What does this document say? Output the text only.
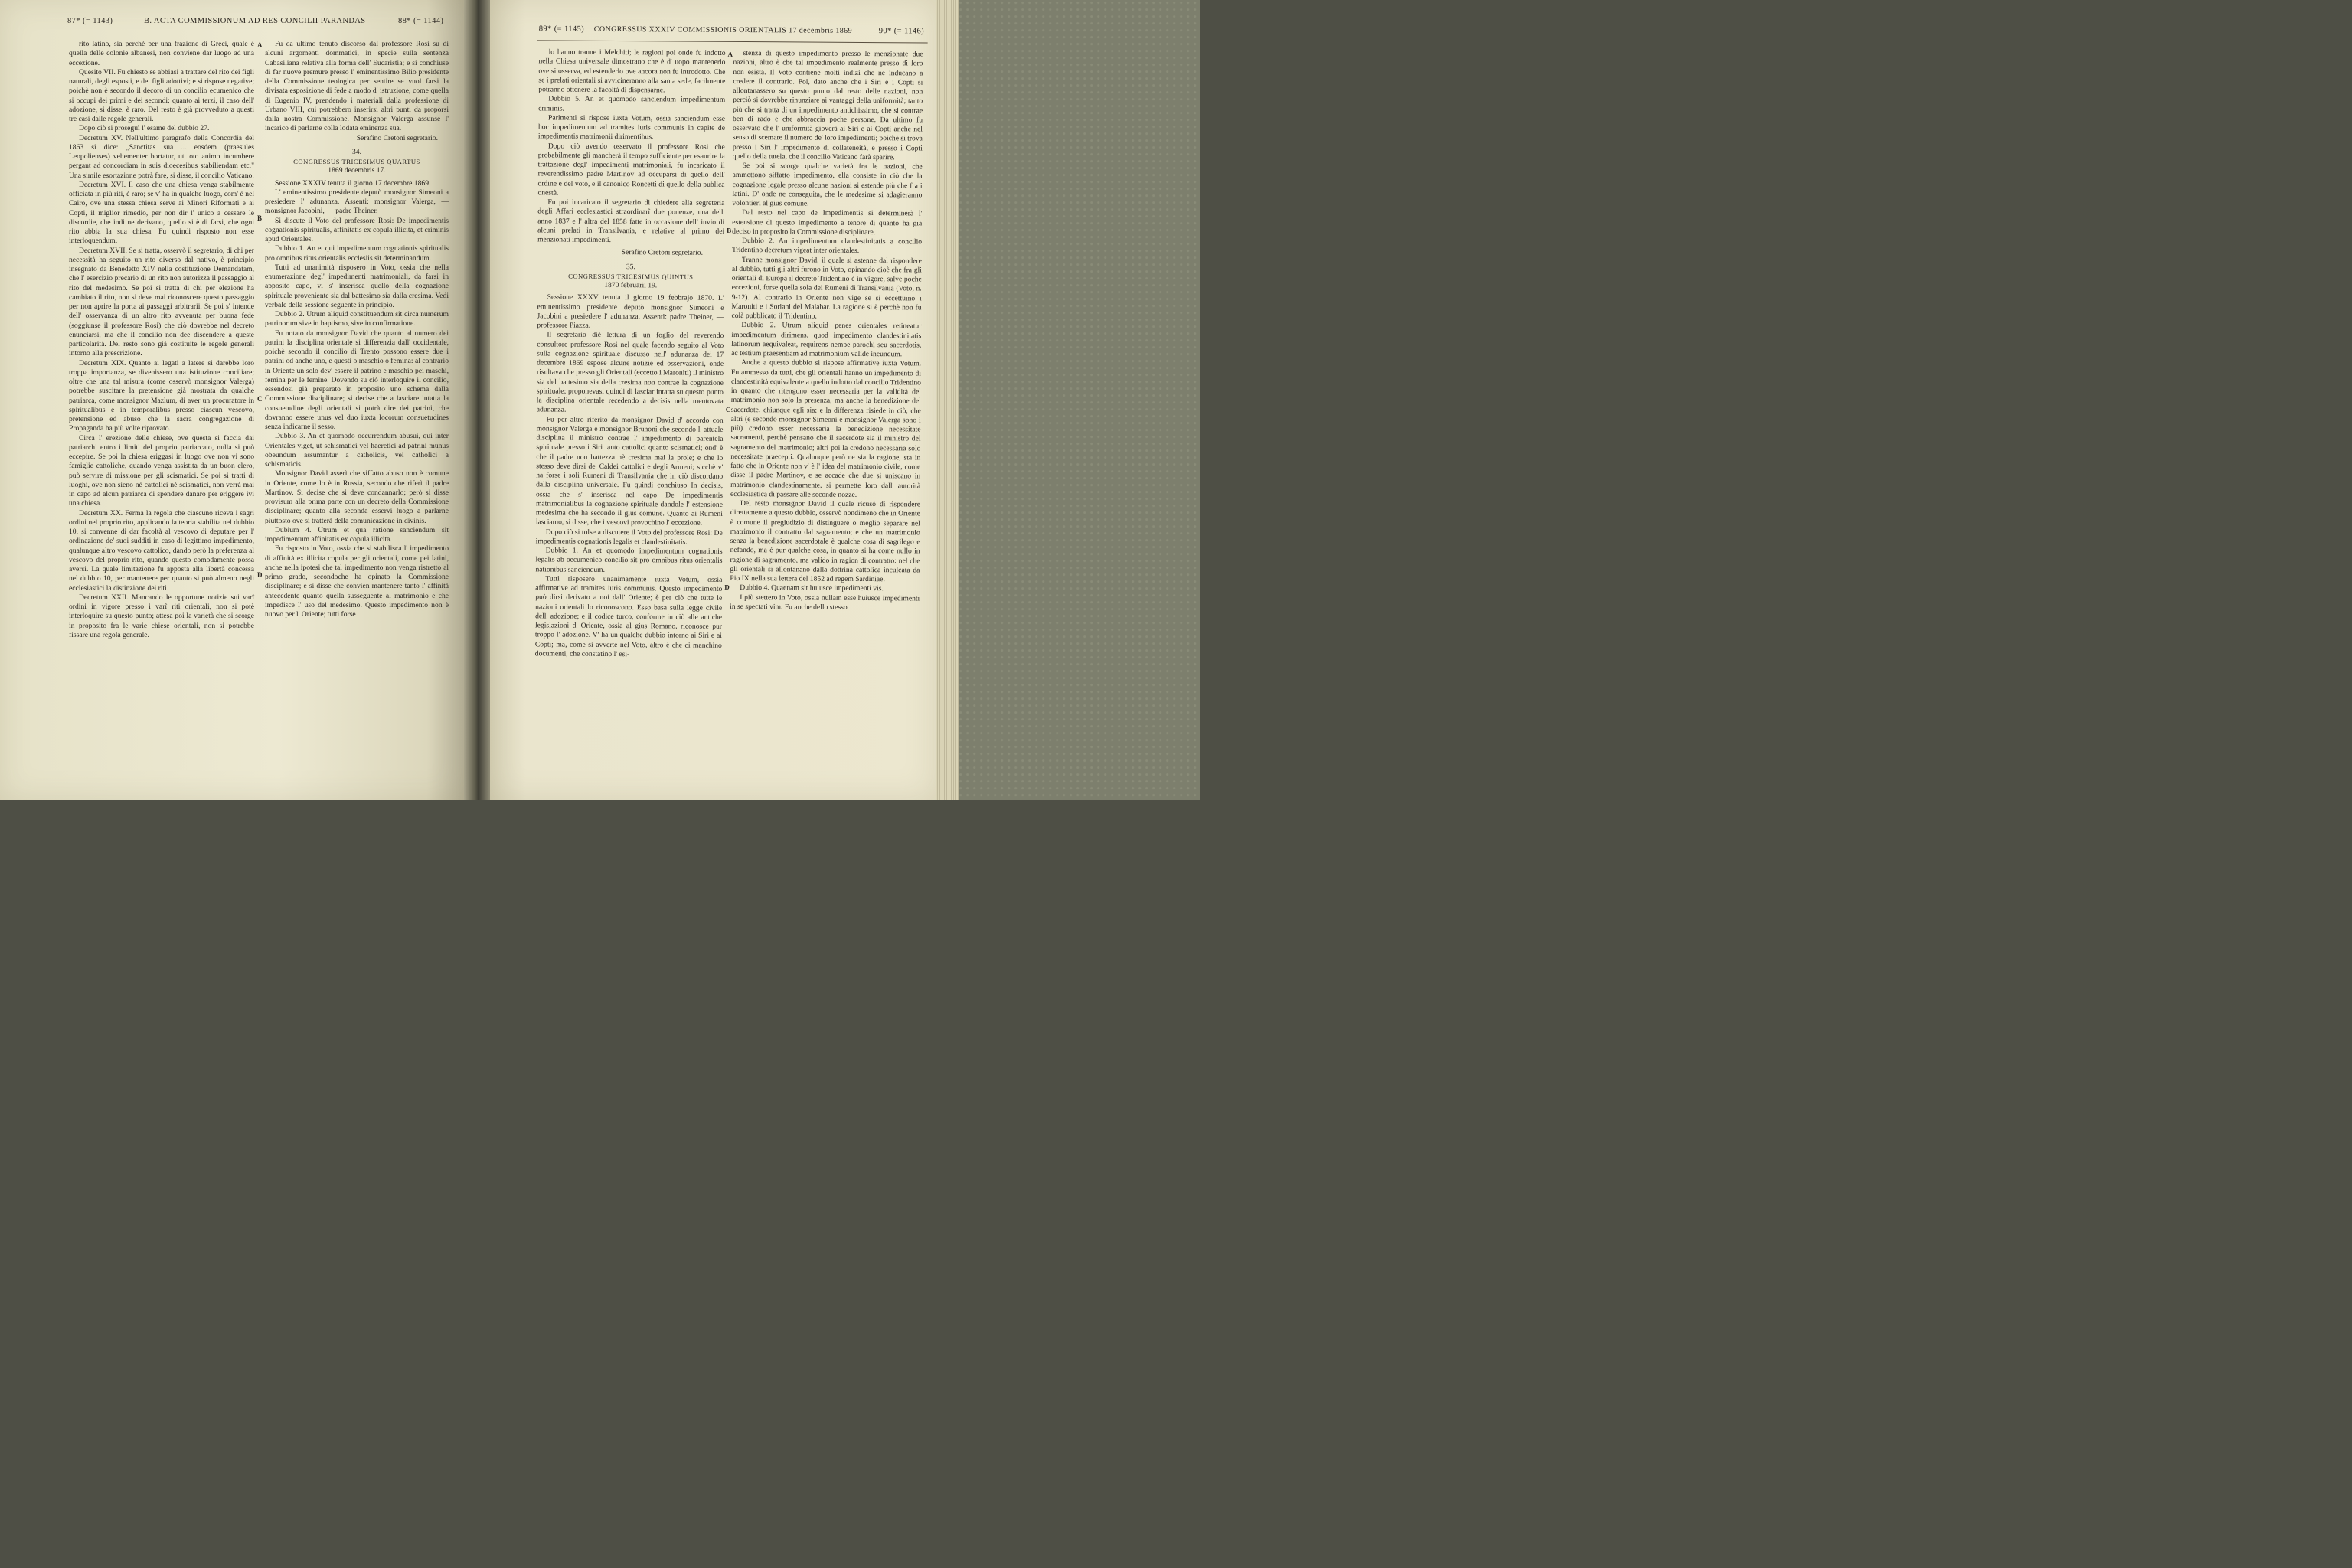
87* (= 1143)	B. ACTA COMMISSIONUM AD RES CONCILII PARANDAS	88* (= 1144)

rito latino, sia perchè per una frazione di Greci, quale è quella delle colonie albanesi, non conviene dar luogo ad una eccezione.

Quesito VII. Fu chiesto se abbiasi a trattare del rito dei figli naturali, degli esposti, e dei figli adottivi; e si rispose negative; poichè non è secondo il decoro di un concilio ecumenico che si occupi dei primi e dei secondi; quanto ai terzi, il caso dell' adozione, si disse, è raro. Del resto è già provveduto a questi tre casi dalle regole generali.

Dopo ciò si proseguì l' esame del dubbio 27.

Decretum XV. Nell'ultimo paragrafo della Concordia del 1863 si dice: „Sanctitas sua ... eosdem (praesules Leopolienses) vehementer hortatur, ut toto animo incumbere pergant ad concordiam in suis dioecesibus stabiliendam etc." Una simile esortazione potrà fare, si disse, il concilio Vaticano.

Decretum XVI. Il caso che una chiesa venga stabilmente officiata in più riti, è raro; se v' ha in qualche luogo, com' è nel Cairo, ove una stessa chiesa serve ai Minori Riformati e ai Copti, il miglior rimedio, per non dir l' unico a cessare le discordie, che indi ne derivano, quello si è di farsi, che ogni rito abbia la sua chiesa. Fu quindi risposto non esse interloquendum.

Decretum XVII. Se si tratta, osservò il segretario, di chi per necessità ha seguito un rito diverso dal nativo, è principio insegnato da Benedetto XIV nella costituzione Demandatam, che l' esercizio precario di un rito non autorizza il passaggio al rito del medesimo. Se poi si tratta di chi per elezione ha cambiato il rito, non si deve mai riconoscere questo passaggio per non aprire la porta ai passaggi arbitrarii. Se poi s' intende dell' osservanza di un altro rito avvenuta per buona fede (soggiunse il professore Rosi) che ciò dovrebbe nel decreto enunciarsi, ma che il concilio non dee discendere a queste particolarità. Del resto sono già costituite le regole generali intorno alla prescrizione.

Decretum XIX. Quanto ai legati a latere si darebbe loro troppa importanza, se divenissero una istituzione conciliare; oltre che una tal misura (come osservò monsignor Valerga) potrebbe suscitare la pretensione già mostrata da qualche patriarca, come monsignor Mazlum, di aver un procuratore in spiritualibus e in temporalibus presso ciascun vescovo, pretensione ed abuso che la sacra congregazione di Propaganda ha più volte riprovato.

Circa l' erezione delle chiese, ove questa si faccia dai patriarchi entro i limiti del proprio patriarcato, nulla si può eccepire. Se poi la chiesa eriggasi in luogo ove non vi sono famiglie cattoliche, quando venga assistita da un buon clero, può servire di missione per gli scismatici. Se poi si tratti di luoghi, ove non sieno nè cattolici nè scismatici, non verrà mai in capo ad alcun patriarca di spendere danaro per eriggere ivi una chiesa.

Decretum XX. Ferma la regola che ciascuno riceva i sagri ordini nel proprio rito, applicando la teoria stabilita nel dubbio 10, si convenne di dar facoltà al vescovo di deputare per l' ordinazione de' suoi sudditi in caso di legittimo impedimento, qualunque altro vescovo cattolico, dando però la preferenza al vescovo del proprio rito, quando questo comodamente possa aversi. La quale limitazione fu apposta alla libertà concessa nel dubbio 10, per mantenere per quanto si può almeno negli ecclesiastici la distinzione dei riti.

Decretum XXII. Mancando le opportune notizie sui varî ordini in vigore presso i varî riti orientali, non si potè interloquire su questo punto; attesa poi la varietà che si scorge in proposito fra le varie chiese orientali, non si potrebbe fissare una regola generale.

Fu da ultimo tenuto discorso dal professore Rosi su di alcuni argomenti dommatici, in specie sulla sentenza Cabasiliana relativa alla forma dell' Eucaristia; e si conchiuse di far nuove premure presso l' eminentissimo Bilio presidente della Commissione teologica per sentire se vuol farsi la divisata esposizione di fede a modo d' istruzione, come quella di Eugenio IV, prendendo i materiali dalla professione di Urbano VIII, cui potrebbero inserirsi altri punti da proporsi dalla nostra Commissione. Monsignor Valerga assunse l' incarico di parlarne colla lodata eminenza sua.

Serafino Cretoni segretario.

34.

CONGRESSUS TRICESIMUS QUARTUS

1869 decembris 17.

Sessione XXXIV tenuta il giorno 17 decembre 1869.

L' eminentissimo presidente deputò monsignor Simeoni a presiedere l' adunanza. Assenti: monsignor Valerga, — monsignor Jacobini, — padre Theiner.

Si discute il Voto del professore Rosi: De impedimentis cognationis spiritualis, affinitatis ex copula illicita, et criminis apud Orientales.

Dubbio 1. An et qui impedimentum cognationis spiritualis pro omnibus ritus orientalis ecclesiis sit determinandum.

Tutti ad unanimità risposero in Voto, ossia che nella enumerazione degl' impedimenti matrimoniali, da farsi in apposito capo, vi s' inserisca quello della cognazione spirituale proveniente sia dal battesimo sia dalla cresima. Vedi verbale della sessione seguente in principio.

Dubbio 2. Utrum aliquid constituendum sit circa numerum patrinorum sive in baptismo, sive in confirmatione.

Fu notato da monsignor David che quanto al numero dei patrini la disciplina orientale si differenzia dall' occidentale, poichè secondo il concilio di Trento possono essere due i patrini od anche uno, e questi o maschio o femina: al contrario in Oriente un solo dev' essere il patrino e maschio pei maschi, femina per le femine. Dovendo su ciò interloquire il concilio, essendosi già preparato in proposito uno schema dalla Commissione disciplinare; si decise che a lasciare intatta la consuetudine degli orientali si potrà dire dei patrini, che dovranno essere unus vel duo iuxta locorum consuetudines senza indicarne il sesso.

Dubbio 3. An et quomodo occurrendum abusui, qui inter Orientales viget, ut schismatici vel haeretici ad patrini munus obeundum assumantur a catholicis, vel catholici a schismaticis.

Monsignor David asserì che siffatto abuso non è comune in Oriente, come lo è in Russia, secondo che riferì il padre Martinov. Si decise che si deve condannarlo; però si disse provisum alla prima parte con un decreto della Commissione disciplinare; quanto alla seconda esservi luogo a parlarne piuttosto ove si tratterà della comunicazione in divinis.

Dubium 4. Utrum et qua ratione sanciendum sit impedimentum affinitatis ex copula illicita.

Fu risposto in Voto, ossia che si stabilisca l' impedimento di affinità ex illicita copula per gli orientali, come pei latini, anche nella ipotesi che tal impedimento non venga ristretto al primo grado, secondoche ha opinato la Commissione disciplinare; e si disse che convien mantenere tanto l' affinità antecedente quanto quella susseguente al matrimonio e che impedisce l' uso del medesimo. Questo impedimento non è nuovo per l' Oriente; tutti forse

A
B
C
D
89* (= 1145) CONGRESSUS XXXIV COMMISSIONIS ORIENTALIS 17 decembris 1869	90* (= 1146)

lo hanno tranne i Melchiti; le ragioni poi onde fu indotto nella Chiesa universale dimostrano che è d' uopo mantenerlo ove si osserva, ed estenderlo ove ancora non fu introdotto. Che se i prelati orientali si avvicineranno alla santa sede, facilmente potranno ottenere la facoltà di dispensarne.

Dubbio 5. An et quomodo sanciendum impedimentum criminis.

Parimenti si rispose iuxta Votum, ossia sanciendum esse hoc impedimentum ad tramites iuris communis in capite de impedimentis matrimonii dirimentibus.

Dopo ciò avendo osservato il professore Rosi che probabilmente gli mancherà il tempo sufficiente per esaurire la trattazione degl' impedimenti matrimoniali, fu incaricato il reverendissimo padre Martinov ad occuparsi di quello dell' ordine e del voto, e il canonico Roncetti di quello della publica onestà.

Fu poi incaricato il segretario di chiedere alla segreteria degli Affari ecclesiastici straordinarî due ponenze, una dell' anno 1837 e l' altra del 1858 fatte in occasione dell' invio di alcuni prelati in Transilvania, e relative al primo dei menzionati impedimenti.

Serafino Cretoni segretario.

35.

CONGRESSUS TRICESIMUS QUINTUS

1870 februarii 19.

Sessione XXXV tenuta il giorno 19 febbrajo 1870. L' eminentissimo presidente deputò monsignor Simeoni e Jacobini a presiedere l' adunanza. Assenti: padre Theiner, — professore Piazza.

Il segretario diè lettura di un foglio del reverendo consultore professore Rosi nel quale facendo seguito al Voto sulla cognazione spirituale discusso nell' adunanza dei 17 decembre 1869 espose alcune notizie ed osservazioni, onde risultava che presso gli Orientali (eccetto i Maroniti) il ministro sia del battesimo sia della cresima non contrae la cognazione spirituale; proponevasi quindi di lasciar intatta su questo punto la disciplina orientale recedendo a decisis nella mentovata adunanza.

Fu per altro riferito da monsignor David d' accordo con monsignor Valerga e monsignor Brunoni che secondo l' attuale disciplina il ministro contrae l' impedimento di parentela spirituale presso i Siri tanto cattolici quanto scismatici; ond' è che il padre non battezza nè cresima mai la prole; e che lo stesso deve dirsi de' Caldei cattolici e degli Armeni; sicchè v' ha forse i soli Rumeni di Transilvania che in ciò discordano dalla disciplina universale. Fu quindi conchiuso In decisis, ossia che s' inserisca nel capo De impedimentis matrimonialibus la cognazione spirituale dandole l' estensione medesima che ha secondo il gius comune. Quanto ai Rumeni lasciamo, si disse, che i vescovi provochino l' eccezione.

Dopo ciò si tolse a discutere il Voto del professore Rosi: De impedimentis cognationis legalis et clandestinitatis.

Dubbio 1. An et quomodo impedimentum cognationis legalis ab oecumenico concilio sit pro omnibus ritus orientalis nationibus sanciendum.

Tutti risposero unanimamente iuxta Votum, ossia affirmative ad tramites iuris communis. Questo impedimento può dirsi derivato a noi dall' Oriente; è per ciò che tutte le nazioni orientali lo riconoscono. Esso basa sulla legge civile dell' adozione; e il codice turco, conforme in ciò alle antiche legislazioni d' Oriente, ossia al gius Romano, riconosce pur troppo l' adozione. V' ha un qualche dubbio intorno ai Siri e ai Copti; ma, come si avverte nel Voto, altro è che ci manchino documenti, che constatino l' esi-

stenza di questo impedimento presso le menzionate due nazioni, altro è che tal impedimento realmente presso di loro non esista. Il Voto contiene molti indizi che ne inducano a credere il contrario. Poi, dato anche che i Siri e i Copti si allontanassero su questo punto dal resto delle nazioni, non perciò si dovrebbe rinunziare ai vantaggi della uniformità; tanto più che si tratta di un impedimento antichissimo, che si contrae ben di rado e che abbraccia poche persone. Da ultimo fu osservato che l' uniformità gioverà ai Siri e ai Copti anche nel senso di scemare il numero de' loro impedimenti; poichè si trova presso i Siri l' impedimento di collateneità, e presso i Copti quello della tutela, che il concilio Vaticano farà sparire.

Se poi si scorge qualche varietà fra le nazioni, che ammettono siffatto impedimento, ella consiste in ciò che la cognazione legale presso alcune nazioni si estende più che fra i latini. D' onde ne conseguita, che le medesime si adagieranno volontieri al gius comune.

Dal resto nel capo de Impedimentis si determinerà l' estensione di questo impedimento a tenore di quanto ha già deciso in proposito la Commissione disciplinare.

Dubbio 2. An impedimentum clandestinitatis a concilio Tridentino decretum vigeat inter orientales.

Tranne monsignor David, il quale si astenne dal rispondere al dubbio, tutti gli altri furono in Voto, opinando cioè che fra gli orientali di Europa il decreto Tridentino è in vigore, salve poche eccezioni, forse quella sola dei Rumeni di Transilvania (Voto, n. 9-12). Al contrario in Oriente non vige se si eccettuino i Maroniti e i Soriani del Malabar. La ragione si è perchè non fu colà pubblicato il Tridentino.

Dubbio 2. Utrum aliquid penes orientales retineatur impedimentum dirimens, quod impedimento clandestinitatis latinorum aequivaleat, requirens nempe parochi seu sacerdotis, ac testium praesentiam ad matrimonium valide ineundum.

Anche a questo dubbio si rispose affirmative iuxta Votum. Fu ammesso da tutti, che gli orientali hanno un impedimento di clandestinità equivalente a quello indotto dal concilio Tridentino in quanto che ritengono esser necessaria per la validità del matrimonio non solo la presenza, ma anche la benedizione del sacerdote, chiunque egli sia; e la differenza risiede in ciò, che altri (e secondo monsignor Simeoni e monsignor Valerga sono i più) credono esser necessaria la benedizione necessitate sacramenti, perchè pensano che il sacerdote sia il ministro del sagramento del matrimonio; altri poi la credono necessaria solo necessitate praecepti. Qualunque però ne sia la ragione, sta in fatto che in Oriente non v' è l' idea del matrimonio civile, come disse il padre Martinov, e se accade che due si uniscano in matrimonio clandestinamente, si permette loro dall' autorità ecclesiastica di passare alle seconde nozze.

Del resto monsignor David il quale ricusò di rispondere direttamente a questo dubbio, osservò nondimeno che in Oriente è comune il pregiudizio di distinguere o meglio separare nel matrimonio il contratto dal sagramento; e che un matrimonio senza la benedizione sacerdotale è qualche cosa di sagrilego e nefando, ma è pur qualche cosa, in quanto si ha come nullo in ragione di sagramento, ma valido in ragion di contratto: nel che gli orientali si allontanano dalla dottrina cattolica inculcata da Pio IX nella sua lettera del 1852 ad regem Sardiniae.

Dubbio 4. Quaenam sit huiusce impedimenti vis.

I più stettero in Voto, ossia nullam esse huiusce impedimenti in se spectati vim. Fu anche dello stesso

A
B
C
D
